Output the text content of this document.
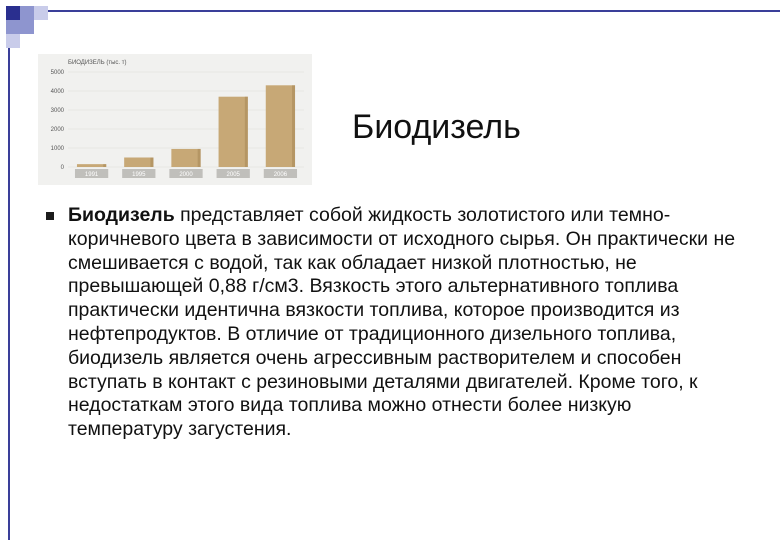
БИОДИЗЕЛЬ (тыс. т)
0
1000
2000
3000
4000
5000
1991	1995	2000	2005	2006
Биодизель
Биодизель представляет собой жидкость золотистого или темно-коричневого цвета в зависимости от исходного сырья. Он практически не смешивается с водой, так как обладает низкой плотностью, не превышающей 0,88 г/см3. Вязкость этого альтернативного топлива практически идентична вязкости топлива, которое производится из нефтепродуктов. В отличие от традиционного дизельного топлива, биодизель является очень агрессивным растворителем и способен вступать в контакт с резиновыми деталями двигателей. Кроме того, к недостаткам этого вида топлива можно отнести более низкую температуру загустения.
